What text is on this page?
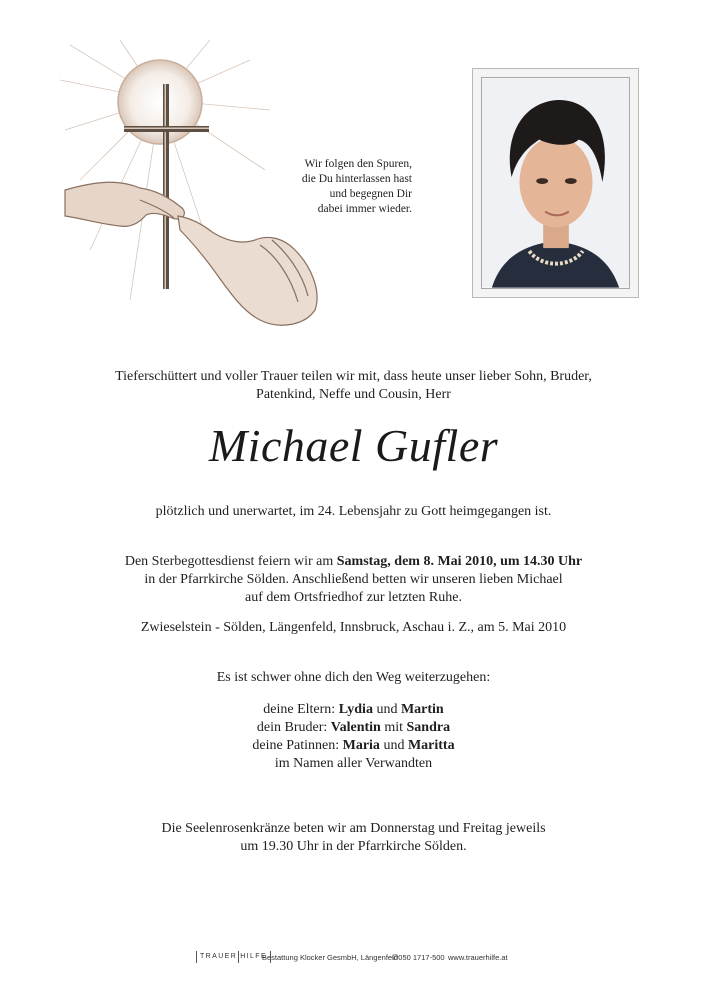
Wir folgen den Spuren,
die Du hinterlassen hast
und begegnen Dir
dabei immer wieder.
Tieferschüttert und voller Trauer teilen wir mit, dass heute unser lieber Sohn, Bruder,
Patenkind, Neffe und Cousin, Herr
Michael Gufler
plötzlich und unerwartet, im 24. Lebensjahr zu Gott heimgegangen ist.
Den Sterbegottesdienst feiern wir am Samstag, dem 8. Mai 2010, um 14.30 Uhr
in der Pfarrkirche Sölden. Anschließend betten wir unseren lieben Michael
auf dem Ortsfriedhof zur letzten Ruhe.
Zwieselstein - Sölden, Längenfeld, Innsbruck, Aschau i. Z., am 5. Mai 2010
Es ist schwer ohne dich den Weg weiterzugehen:
deine Eltern: Lydia und Martin
dein Bruder: Valentin mit Sandra
deine Patinnen: Maria und Maritta
im Namen aller Verwandten
Die Seelenrosenkränze beten wir am Donnerstag und Freitag jeweils
um 19.30 Uhr in der Pfarrkirche Sölden.
TRAUER HILFE
Bestattung Klocker GesmbH, Längenfeld
✆050 1717-500 www.trauerhilfe.at
